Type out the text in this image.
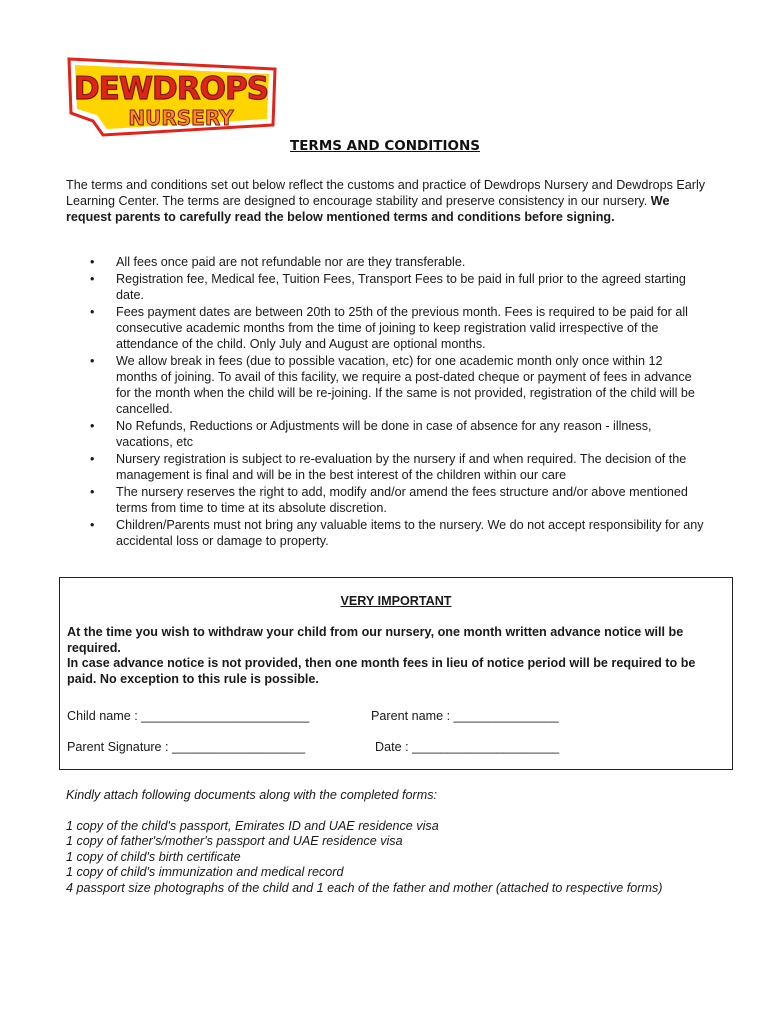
DEWDROPS
NURSERY
TERMS AND CONDITIONS
The terms and conditions set out below reflect the customs and practice of Dewdrops Nursery and Dewdrops Early Learning Center. The terms are designed to encourage stability and preserve consistency in our nursery. We request parents to carefully read the below mentioned terms and conditions before signing.
• All fees once paid are not refundable nor are they transferable.
• Registration fee, Medical fee, Tuition Fees, Transport Fees to be paid in full prior to the agreed starting date.
• Fees payment dates are between 20th to 25th of the previous month. Fees is required to be paid for all consecutive academic months from the time of joining to keep registration valid irrespective of the attendance of the child. Only July and August are optional months.
• We allow break in fees (due to possible vacation, etc) for one academic month only once within 12 months of joining. To avail of this facility, we require a post-dated cheque or payment of fees in advance for the month when the child will be re-joining. If the same is not provided, registration of the child will be cancelled.
• No Refunds, Reductions or Adjustments will be done in case of absence for any reason - illness, vacations, etc
• Nursery registration is subject to re-evaluation by the nursery if and when required. The decision of the management is final and will be in the best interest of the children within our care
• The nursery reserves the right to add, modify and/or amend the fees structure and/or above mentioned terms from time to time at its absolute discretion.
• Children/Parents must not bring any valuable items to the nursery. We do not accept responsibility for any accidental loss or damage to property.
VERY IMPORTANT
At the time you wish to withdraw your child from our nursery, one month written advance notice will be required.
In case advance notice is not provided, then one month fees in lieu of notice period will be required to be paid. No exception to this rule is possible.
Child name : ________________________	Parent name : _______________
Parent Signature : ___________________	Date : _____________________
Kindly attach following documents along with the completed forms:
1 copy of the child's passport, Emirates ID and UAE residence visa
1 copy of father's/mother's passport and UAE residence visa
1 copy of child's birth certificate
1 copy of child's immunization and medical record
4 passport size photographs of the child and 1 each of the father and mother (attached to respective forms)
